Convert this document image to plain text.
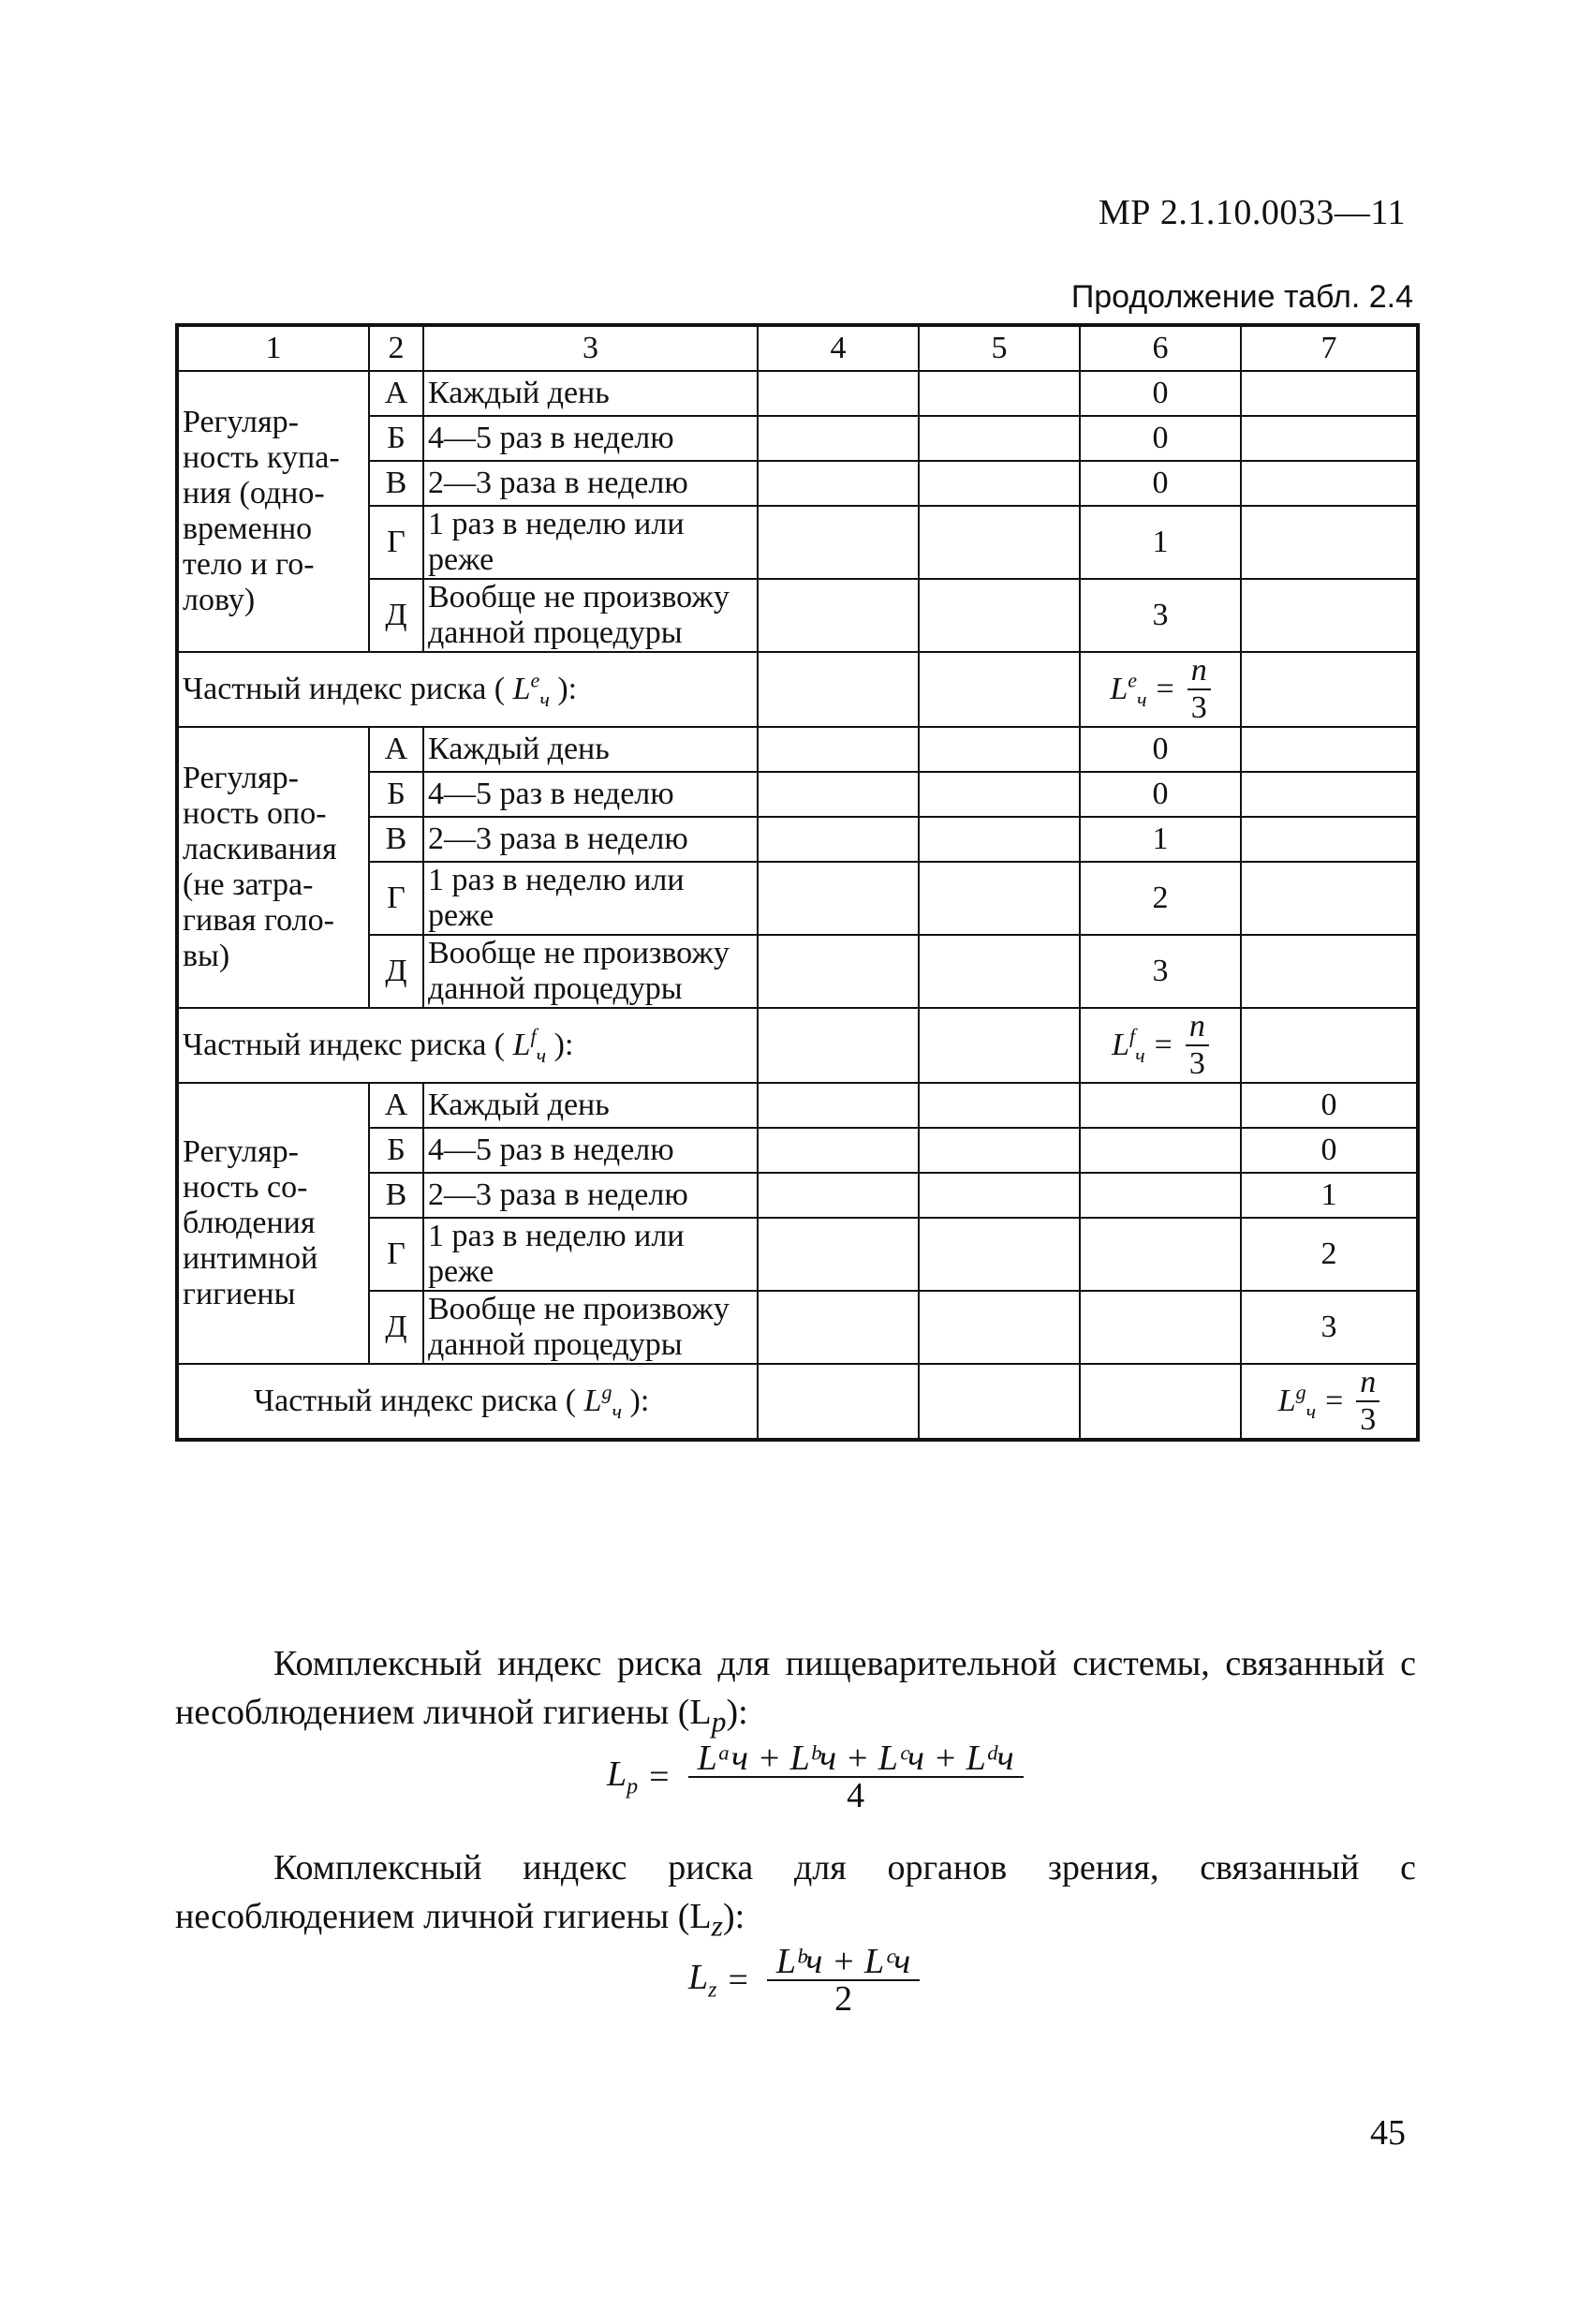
МР 2.1.10.0033—11
Продолжение табл. 2.4
1	2	3	4	5	6	7
Регуляр-ность купа-ния (одно-временно тело и го-лову)	А	Каждый день			0	
	Б	4—5 раз в неделю			0	
	В	2—3 раза в неделю			0	
	Г	1 раз в неделю или реже			1	
	Д	Вообще не произвожу данной процедуры			3	
Частный индекс риска ( $L^e_ч$ ):					$L^e_ч = \frac{n}{3}$

Регуляр-ность опо-ласкивания (не затра-гивая голо-вы)	А	Каждый день			0	
	Б	4—5 раз в неделю			0	
	В	2—3 раза в неделю			1	
	Г	1 раз в неделю или реже			2	
	Д	Вообще не произвожу данной процедуры			3	
Частный индекс риска ( $L^f_ч$ ):					$L^f_ч = \frac{n}{3}$

Регуляр-ность со-блюдения интимной гигиены	А	Каждый день				0
	Б	4—5 раз в неделю				0
	В	2—3 раза в неделю				1
	Г	1 раз в неделю или реже				2
	Д	Вообще не произвожу данной процедуры				3
Частный индекс риска ( $L^g_ч$ ):						$L^g_ч = \frac{n}{3}$
Комплексный индекс риска для пищеварительной системы, связанный с несоблюдением личной гигиены $(L_p)$:
$L_p = \frac{\text{Lᵃч + Lᵇч + Lᶜч + Lᵈч}}{4}$
Комплексный индекс риска для органов зрения, связанный с несоблюдением личной гигиены $(L_z)$:
$L_z = \frac{\text{Lᵇч + Lᶜч}}{2}$
45
